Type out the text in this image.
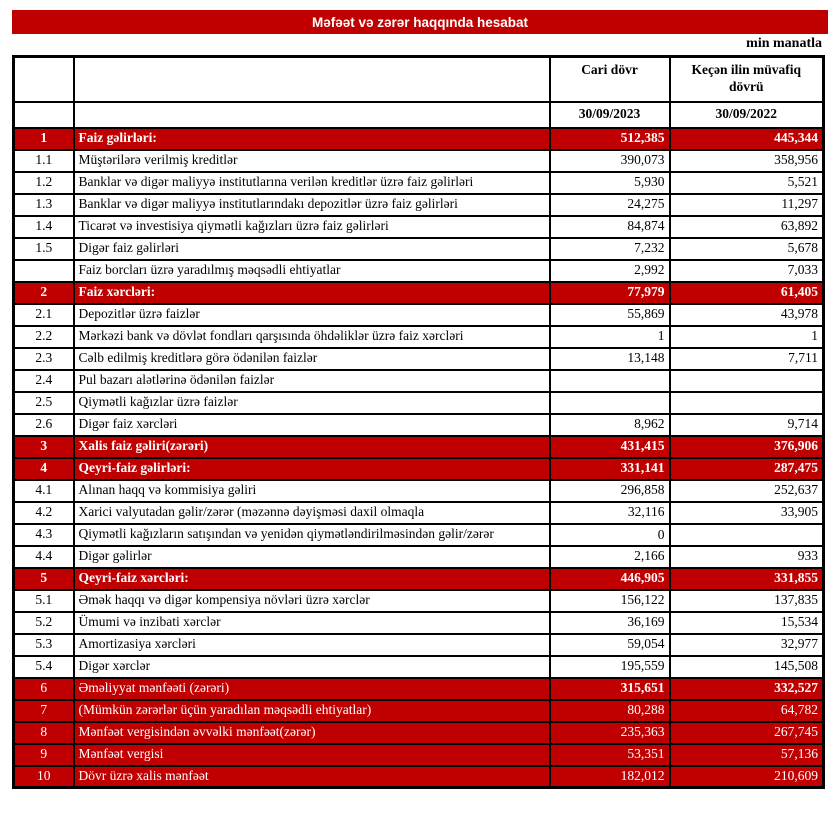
Məfəət və zərər haqqında hesabat
min manatla
		Cari dövr	Keçən ilin müvafiq dövrü
		30/09/2023	30/09/2022
1	Faiz gəlirləri:	512,385	445,344
1.1	Müştərilərə verilmiş kreditlər	390,073	358,956
1.2	Banklar və digər maliyyə institutlarına verilən kreditlər üzrə faiz gəlirləri	5,930	5,521
1.3	Banklar və digər maliyyə institutlarındakı depozitlər üzrə faiz gəlirləri	24,275	11,297
1.4	Ticarət və investisiya qiymətli kağızları üzrə faiz gəlirləri	84,874	63,892
1.5	Digər faiz gəlirləri	7,232	5,678
	Faiz borcları üzrə yaradılmış məqsədli ehtiyatlar	2,992	7,033
2	Faiz xərcləri:	77,979	61,405
2.1	Depozitlər üzrə faizlər	55,869	43,978
2.2	Mərkəzi bank və dövlət fondları qarşısında öhdəliklər üzrə faiz xərcləri	1	1
2.3	Cəlb edilmiş kreditlərə görə ödənilən faizlər	13,148	7,711
2.4	Pul bazarı alətlərinə ödənilən faizlər		
2.5	Qiymətli kağızlar üzrə faizlər		
2.6	Digər faiz xərcləri	8,962	9,714
3	Xalis faiz gəliri(zərəri)	431,415	376,906
4	Qeyri-faiz gəlirləri:	331,141	287,475
4.1	Alınan haqq və kommisiya gəliri	296,858	252,637
4.2	Xarici valyutadan gəlir/zərər (məzənnə dəyişməsi daxil olmaqla	32,116	33,905
4.3	Qiymətli kağızların satışından və yenidən qiymətləndirilməsindən gəlir/zərər	0	
4.4	Digər gəlirlər	2,166	933
5	Qeyri-faiz xərcləri:	446,905	331,855
5.1	Əmək haqqı və digər kompensiya növləri üzrə xərclər	156,122	137,835
5.2	Ümumi və inzibati xərclər	36,169	15,534
5.3	Amortizasiya xərcləri	59,054	32,977
5.4	Digər xərclər	195,559	145,508
6	Əməliyyat mənfəəti (zərəri)	315,651	332,527
7	(Mümkün zərərlər üçün yaradılan məqsədli ehtiyatlar)	80,288	64,782
8	Mənfəət vergisindən əvvəlki mənfəət(zərər)	235,363	267,745
9	Mənfəət vergisi	53,351	57,136
10	Dövr üzrə xalis mənfəət	182,012	210,609
